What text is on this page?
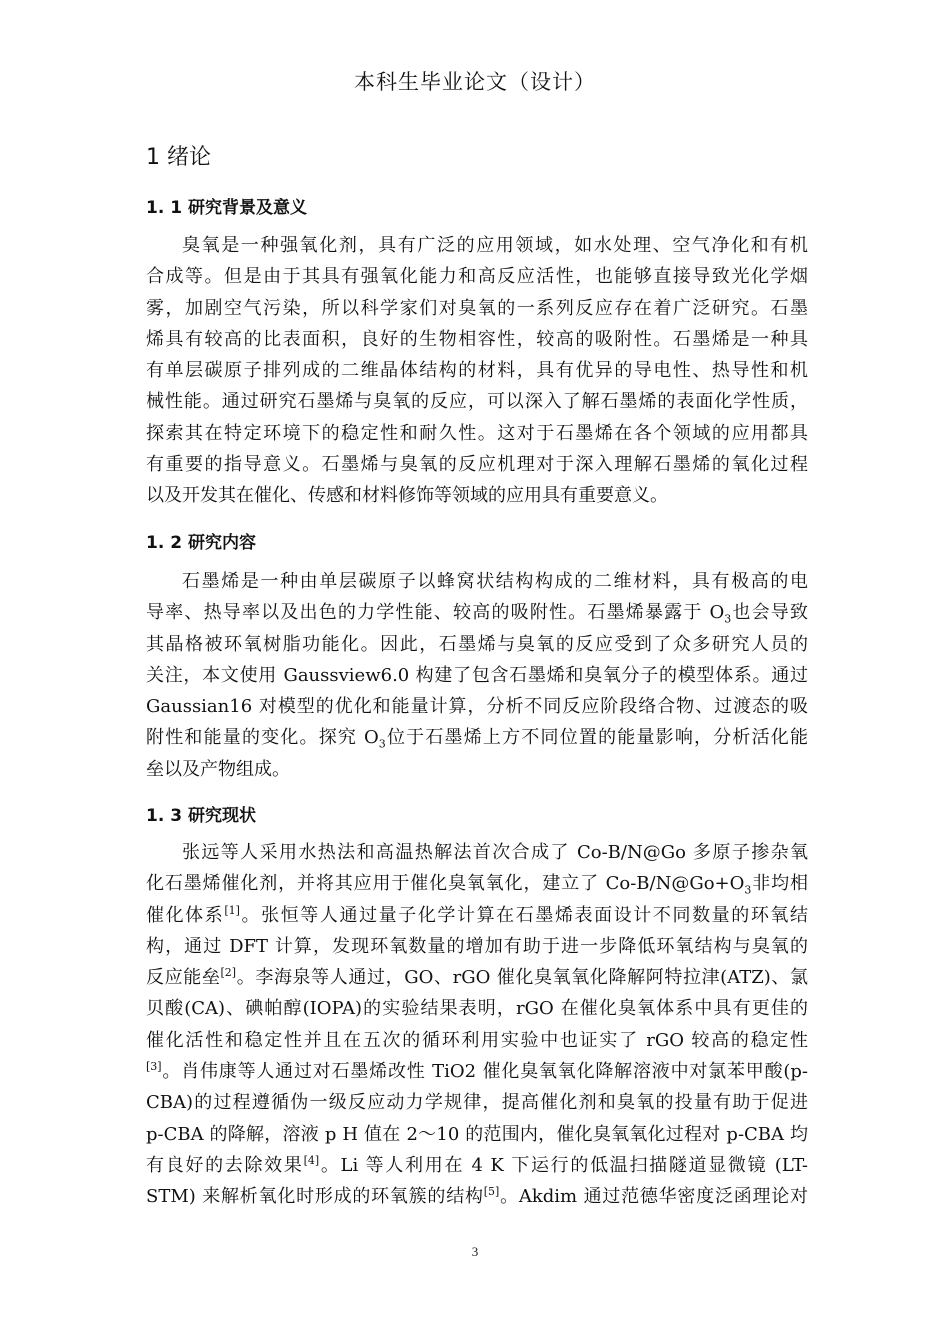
本科生毕业论文（设计）
1 绪论
1. 1 研究背景及意义
臭氧是一种强氧化剂，具有广泛的应用领域，如水处理、空气净化和有机
合成等。但是由于其具有强氧化能力和高反应活性，也能够直接导致光化学烟
雾，加剧空气污染，所以科学家们对臭氧的一系列反应存在着广泛研究。石墨
烯具有较高的比表面积，良好的生物相容性，较高的吸附性。石墨烯是一种具
有单层碳原子排列成的二维晶体结构的材料，具有优异的导电性、热导性和机
械性能。通过研究石墨烯与臭氧的反应，可以深入了解石墨烯的表面化学性质，
探索其在特定环境下的稳定性和耐久性。这对于石墨烯在各个领域的应用都具
有重要的指导意义。石墨烯与臭氧的反应机理对于深入理解石墨烯的氧化过程
以及开发其在催化、传感和材料修饰等领域的应用具有重要意义。
1. 2 研究内容
石墨烯是一种由单层碳原子以蜂窝状结构构成的二维材料，具有极高的电
导率、热导率以及出色的力学性能、较高的吸附性。石墨烯暴露于 $O_3$也会导致
其晶格被环氧树脂功能化。因此，石墨烯与臭氧的反应受到了众多研究人员的
关注，本文使用 Gaussview6.0 构建了包含石墨烯和臭氧分子的模型体系。通过
Gaussian16 对模型的优化和能量计算，分析不同反应阶段络合物、过渡态的吸
附性和能量的变化。探究 $O_3$位于石墨烯上方不同位置的能量影响，分析活化能
垒以及产物组成。
1. 3 研究现状
张远等人采用水热法和高温热解法首次合成了 Co-B/N@Go 多原子掺杂氧
化石墨烯催化剂，并将其应用于催化臭氧氧化，建立了 $Co-B/N@Go+O_3$非均相
催化体系[1]。张恒等人通过量子化学计算在石墨烯表面设计不同数量的环氧结
构，通过 DFT 计算，发现环氧数量的增加有助于进一步降低环氧结构与臭氧的
反应能垒[2]。李海泉等人通过，GO、rGO 催化臭氧氧化降解阿特拉津(ATZ)、氯
贝酸(CA)、碘帕醇(IOPA)的实验结果表明，rGO 在催化臭氧体系中具有更佳的
催化活性和稳定性并且在五次的循环利用实验中也证实了 rGO 较高的稳定性
[3]。肖伟康等人通过对石墨烯改性 TiO2 催化臭氧氧化降解溶液中对氯苯甲酸(p-
CBA)的过程遵循伪一级反应动力学规律，提高催化剂和臭氧的投量有助于促进
p-CBA 的降解，溶液 p H 值在 2～10 的范围内，催化臭氧氧化过程对 p-CBA 均
有良好的去除效果[4]。Li 等人利用在 4 K 下运行的低温扫描隧道显微镜 (LT-
STM) 来解析氧化时形成的环氧簇的结构[5]。Akdim 通过范德华密度泛函理论对
3
